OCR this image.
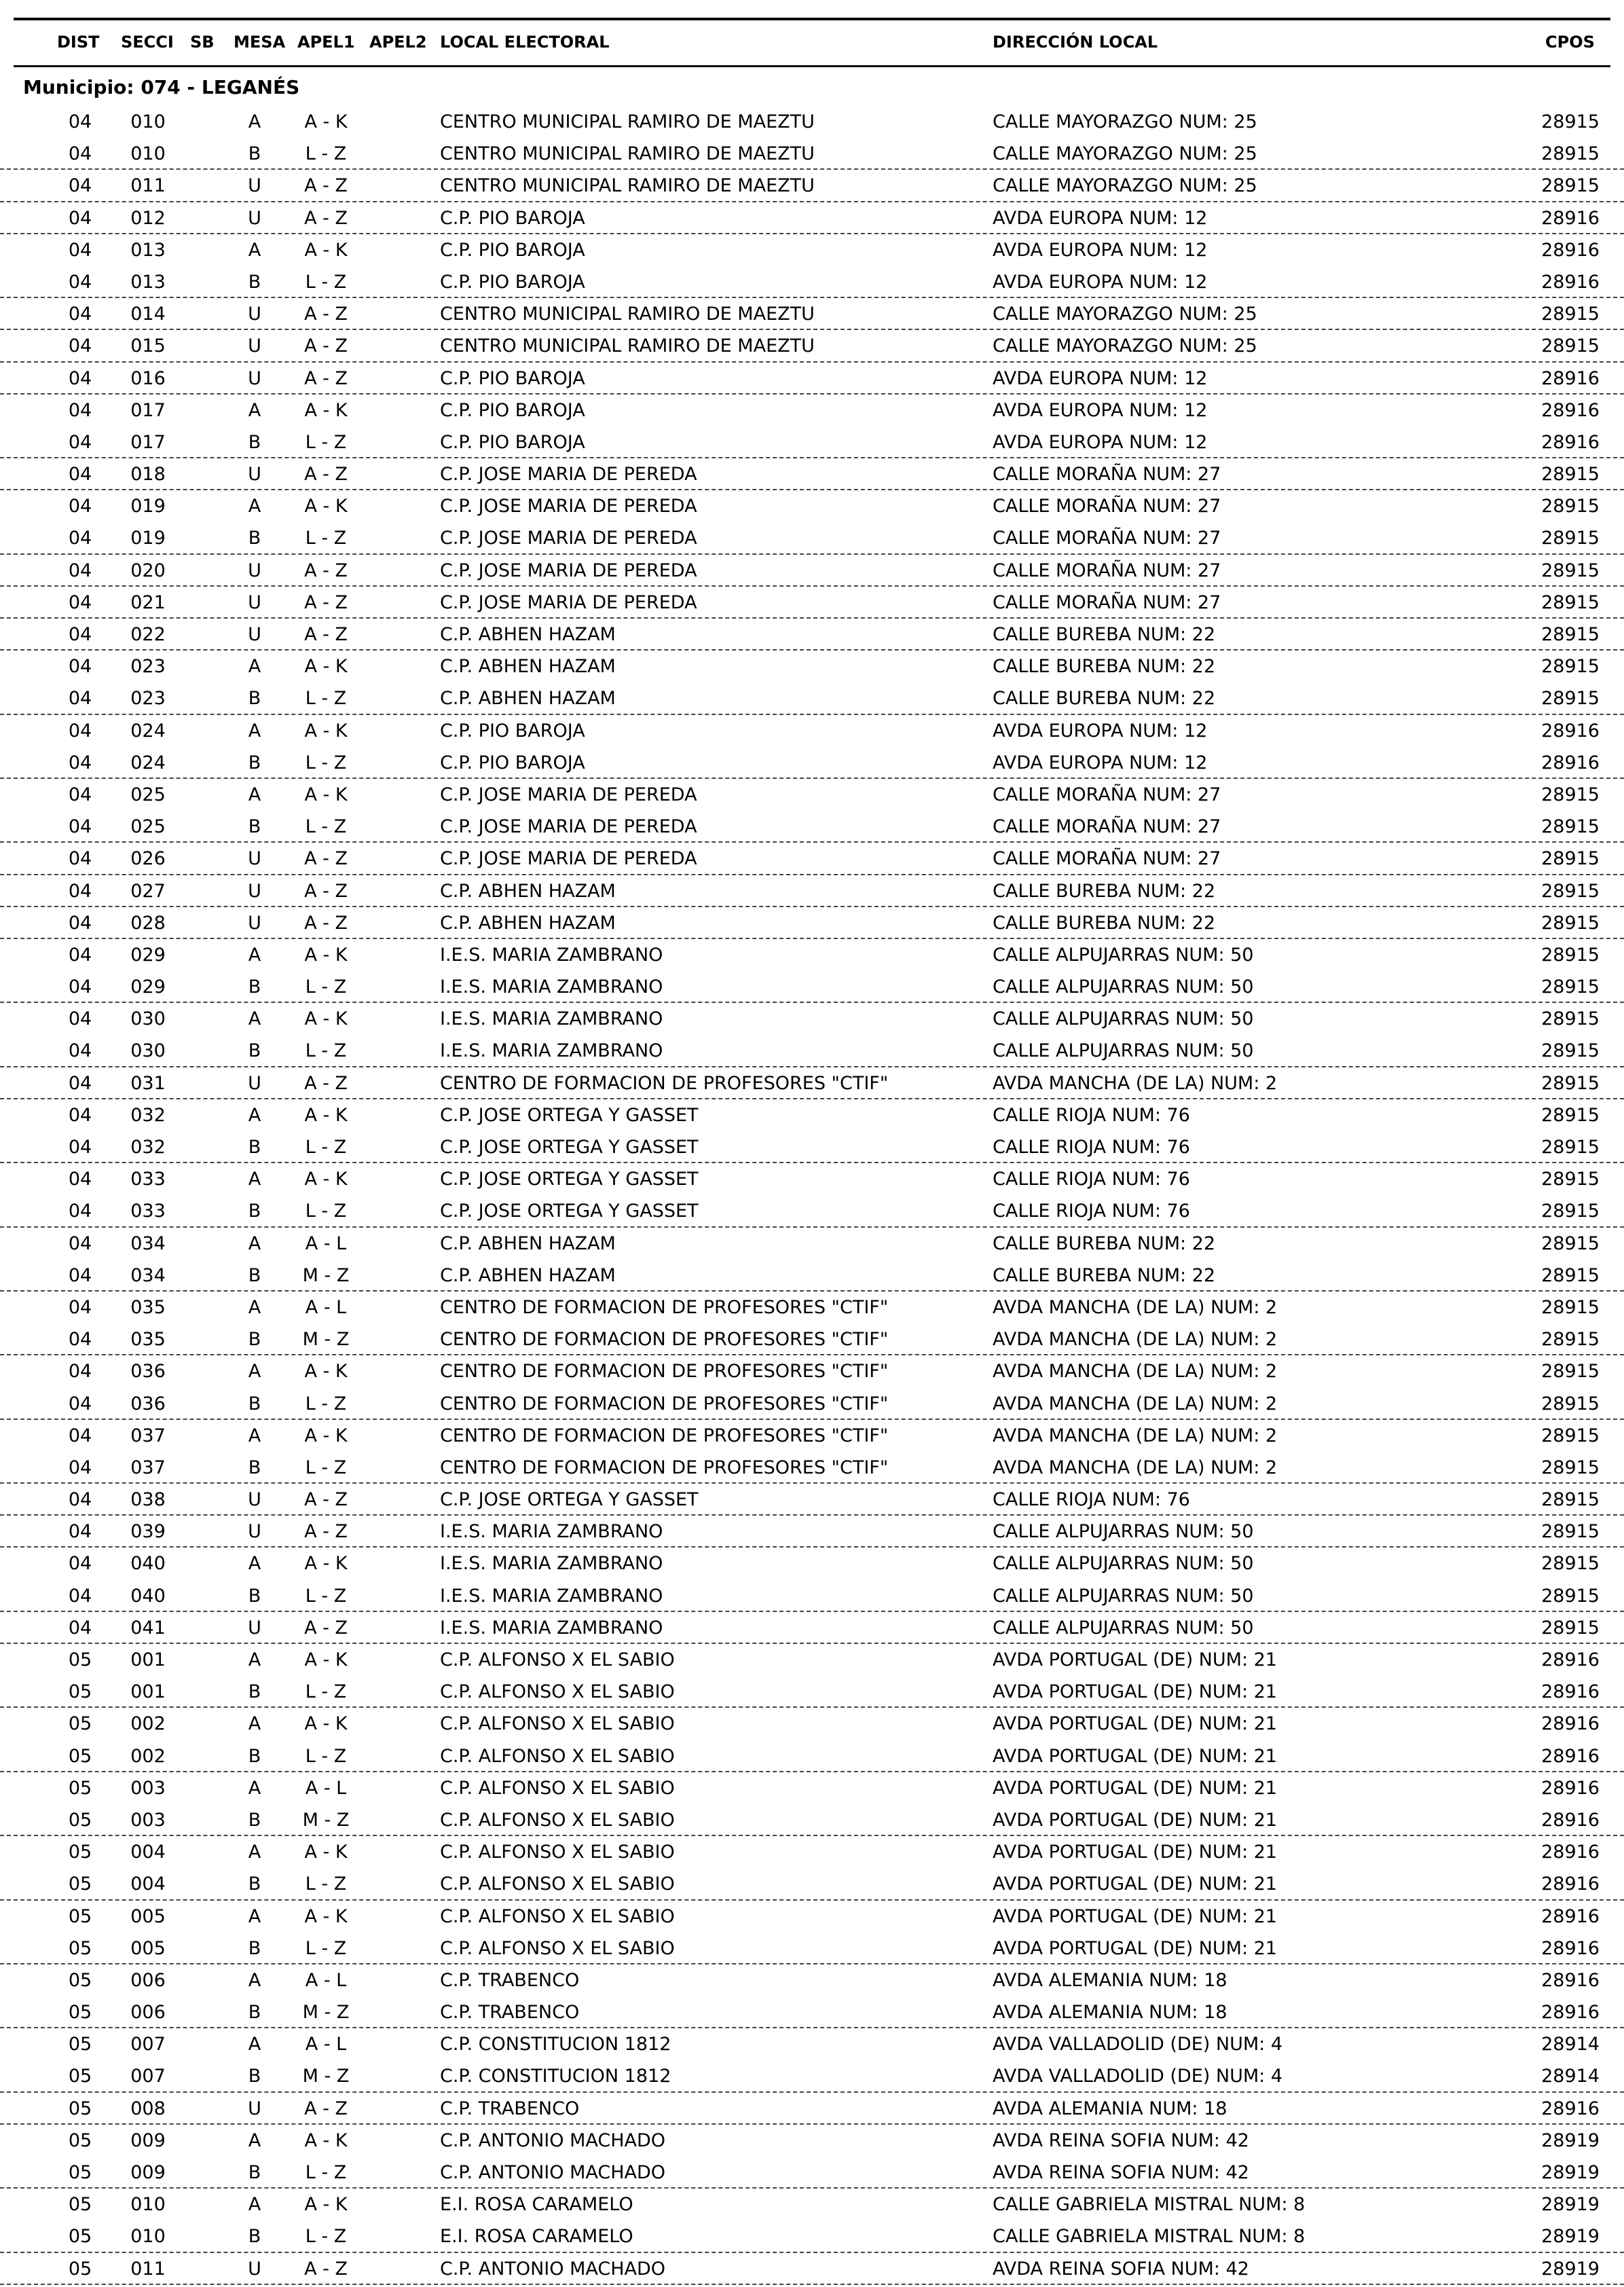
DIST SECCI SB MESA APEL1 APEL2 LOCAL ELECTORAL	DIRECCIÓN LOCAL	CPOS
Municipio: 074 - LEGANÉS
04 010	A	A - K	CENTRO MUNICIPAL RAMIRO DE MAEZTU	CALLE MAYORAZGO NUM: 25	28915
04 010	B	L - Z	CENTRO MUNICIPAL RAMIRO DE MAEZTU	CALLE MAYORAZGO NUM: 25	28915
04 011	U	A - Z	CENTRO MUNICIPAL RAMIRO DE MAEZTU	CALLE MAYORAZGO NUM: 25	28915
04 012	U	A - Z	C.P. PIO BAROJA	AVDA EUROPA NUM: 12	28916
04 013	A	A - K	C.P. PIO BAROJA	AVDA EUROPA NUM: 12	28916
04 013	B	L - Z	C.P. PIO BAROJA	AVDA EUROPA NUM: 12	28916
04 014	U	A - Z	CENTRO MUNICIPAL RAMIRO DE MAEZTU	CALLE MAYORAZGO NUM: 25	28915
04 015	U	A - Z	CENTRO MUNICIPAL RAMIRO DE MAEZTU	CALLE MAYORAZGO NUM: 25	28915
04 016	U	A - Z	C.P. PIO BAROJA	AVDA EUROPA NUM: 12	28916
04 017	A	A - K	C.P. PIO BAROJA	AVDA EUROPA NUM: 12	28916
04 017	B	L - Z	C.P. PIO BAROJA	AVDA EUROPA NUM: 12	28916
04 018	U	A - Z	C.P. JOSE MARIA DE PEREDA	CALLE MORAÑA NUM: 27	28915
04 019	A	A - K	C.P. JOSE MARIA DE PEREDA	CALLE MORAÑA NUM: 27	28915
04 019	B	L - Z	C.P. JOSE MARIA DE PEREDA	CALLE MORAÑA NUM: 27	28915
04 020	U	A - Z	C.P. JOSE MARIA DE PEREDA	CALLE MORAÑA NUM: 27	28915
04 021	U	A - Z	C.P. JOSE MARIA DE PEREDA	CALLE MORAÑA NUM: 27	28915
04 022	U	A - Z	C.P. ABHEN HAZAM	CALLE BUREBA NUM: 22	28915
04 023	A	A - K	C.P. ABHEN HAZAM	CALLE BUREBA NUM: 22	28915
04 023	B	L - Z	C.P. ABHEN HAZAM	CALLE BUREBA NUM: 22	28915
04 024	A	A - K	C.P. PIO BAROJA	AVDA EUROPA NUM: 12	28916
04 024	B	L - Z	C.P. PIO BAROJA	AVDA EUROPA NUM: 12	28916
04 025	A	A - K	C.P. JOSE MARIA DE PEREDA	CALLE MORAÑA NUM: 27	28915
04 025	B	L - Z	C.P. JOSE MARIA DE PEREDA	CALLE MORAÑA NUM: 27	28915
04 026	U	A - Z	C.P. JOSE MARIA DE PEREDA	CALLE MORAÑA NUM: 27	28915
04 027	U	A - Z	C.P. ABHEN HAZAM	CALLE BUREBA NUM: 22	28915
04 028	U	A - Z	C.P. ABHEN HAZAM	CALLE BUREBA NUM: 22	28915
04 029	A	A - K	I.E.S. MARIA ZAMBRANO	CALLE ALPUJARRAS NUM: 50	28915
04 029	B	L - Z	I.E.S. MARIA ZAMBRANO	CALLE ALPUJARRAS NUM: 50	28915
04 030	A	A - K	I.E.S. MARIA ZAMBRANO	CALLE ALPUJARRAS NUM: 50	28915
04 030	B	L - Z	I.E.S. MARIA ZAMBRANO	CALLE ALPUJARRAS NUM: 50	28915
04 031	U	A - Z	CENTRO DE FORMACION DE PROFESORES "CTIF"	AVDA MANCHA (DE LA) NUM: 2	28915
04 032	A	A - K	C.P. JOSE ORTEGA Y GASSET	CALLE RIOJA NUM: 76	28915
04 032	B	L - Z	C.P. JOSE ORTEGA Y GASSET	CALLE RIOJA NUM: 76	28915
04 033	A	A - K	C.P. JOSE ORTEGA Y GASSET	CALLE RIOJA NUM: 76	28915
04 033	B	L - Z	C.P. JOSE ORTEGA Y GASSET	CALLE RIOJA NUM: 76	28915
04 034	A	A - L	C.P. ABHEN HAZAM	CALLE BUREBA NUM: 22	28915
04 034	B	M - Z	C.P. ABHEN HAZAM	CALLE BUREBA NUM: 22	28915
04 035	A	A - L	CENTRO DE FORMACION DE PROFESORES "CTIF"	AVDA MANCHA (DE LA) NUM: 2	28915
04 035	B	M - Z	CENTRO DE FORMACION DE PROFESORES "CTIF"	AVDA MANCHA (DE LA) NUM: 2	28915
04 036	A	A - K	CENTRO DE FORMACION DE PROFESORES "CTIF"	AVDA MANCHA (DE LA) NUM: 2	28915
04 036	B	L - Z	CENTRO DE FORMACION DE PROFESORES "CTIF"	AVDA MANCHA (DE LA) NUM: 2	28915
04 037	A	A - K	CENTRO DE FORMACION DE PROFESORES "CTIF"	AVDA MANCHA (DE LA) NUM: 2	28915
04 037	B	L - Z	CENTRO DE FORMACION DE PROFESORES "CTIF"	AVDA MANCHA (DE LA) NUM: 2	28915
04 038	U	A - Z	C.P. JOSE ORTEGA Y GASSET	CALLE RIOJA NUM: 76	28915
04 039	U	A - Z	I.E.S. MARIA ZAMBRANO	CALLE ALPUJARRAS NUM: 50	28915
04 040	A	A - K	I.E.S. MARIA ZAMBRANO	CALLE ALPUJARRAS NUM: 50	28915
04 040	B	L - Z	I.E.S. MARIA ZAMBRANO	CALLE ALPUJARRAS NUM: 50	28915
04 041	U	A - Z	I.E.S. MARIA ZAMBRANO	CALLE ALPUJARRAS NUM: 50	28915
05 001	A	A - K	C.P. ALFONSO X EL SABIO	AVDA PORTUGAL (DE) NUM: 21	28916
05 001	B	L - Z	C.P. ALFONSO X EL SABIO	AVDA PORTUGAL (DE) NUM: 21	28916
05 002	A	A - K	C.P. ALFONSO X EL SABIO	AVDA PORTUGAL (DE) NUM: 21	28916
05 002	B	L - Z	C.P. ALFONSO X EL SABIO	AVDA PORTUGAL (DE) NUM: 21	28916
05 003	A	A - L	C.P. ALFONSO X EL SABIO	AVDA PORTUGAL (DE) NUM: 21	28916
05 003	B	M - Z	C.P. ALFONSO X EL SABIO	AVDA PORTUGAL (DE) NUM: 21	28916
05 004	A	A - K	C.P. ALFONSO X EL SABIO	AVDA PORTUGAL (DE) NUM: 21	28916
05 004	B	L - Z	C.P. ALFONSO X EL SABIO	AVDA PORTUGAL (DE) NUM: 21	28916
05 005	A	A - K	C.P. ALFONSO X EL SABIO	AVDA PORTUGAL (DE) NUM: 21	28916
05 005	B	L - Z	C.P. ALFONSO X EL SABIO	AVDA PORTUGAL (DE) NUM: 21	28916
05 006	A	A - L	C.P. TRABENCO	AVDA ALEMANIA NUM: 18	28916
05 006	B	M - Z	C.P. TRABENCO	AVDA ALEMANIA NUM: 18	28916
05 007	A	A - L	C.P. CONSTITUCION 1812	AVDA VALLADOLID (DE) NUM: 4	28914
05 007	B	M - Z	C.P. CONSTITUCION 1812	AVDA VALLADOLID (DE) NUM: 4	28914
05 008	U	A - Z	C.P. TRABENCO	AVDA ALEMANIA NUM: 18	28916
05 009	A	A - K	C.P. ANTONIO MACHADO	AVDA REINA SOFIA NUM: 42	28919
05 009	B	L - Z	C.P. ANTONIO MACHADO	AVDA REINA SOFIA NUM: 42	28919
05 010	A	A - K	E.I. ROSA CARAMELO	CALLE GABRIELA MISTRAL NUM: 8	28919
05 010	B	L - Z	E.I. ROSA CARAMELO	CALLE GABRIELA MISTRAL NUM: 8	28919
05 011	U	A - Z	C.P. ANTONIO MACHADO	AVDA REINA SOFIA NUM: 42	28919
